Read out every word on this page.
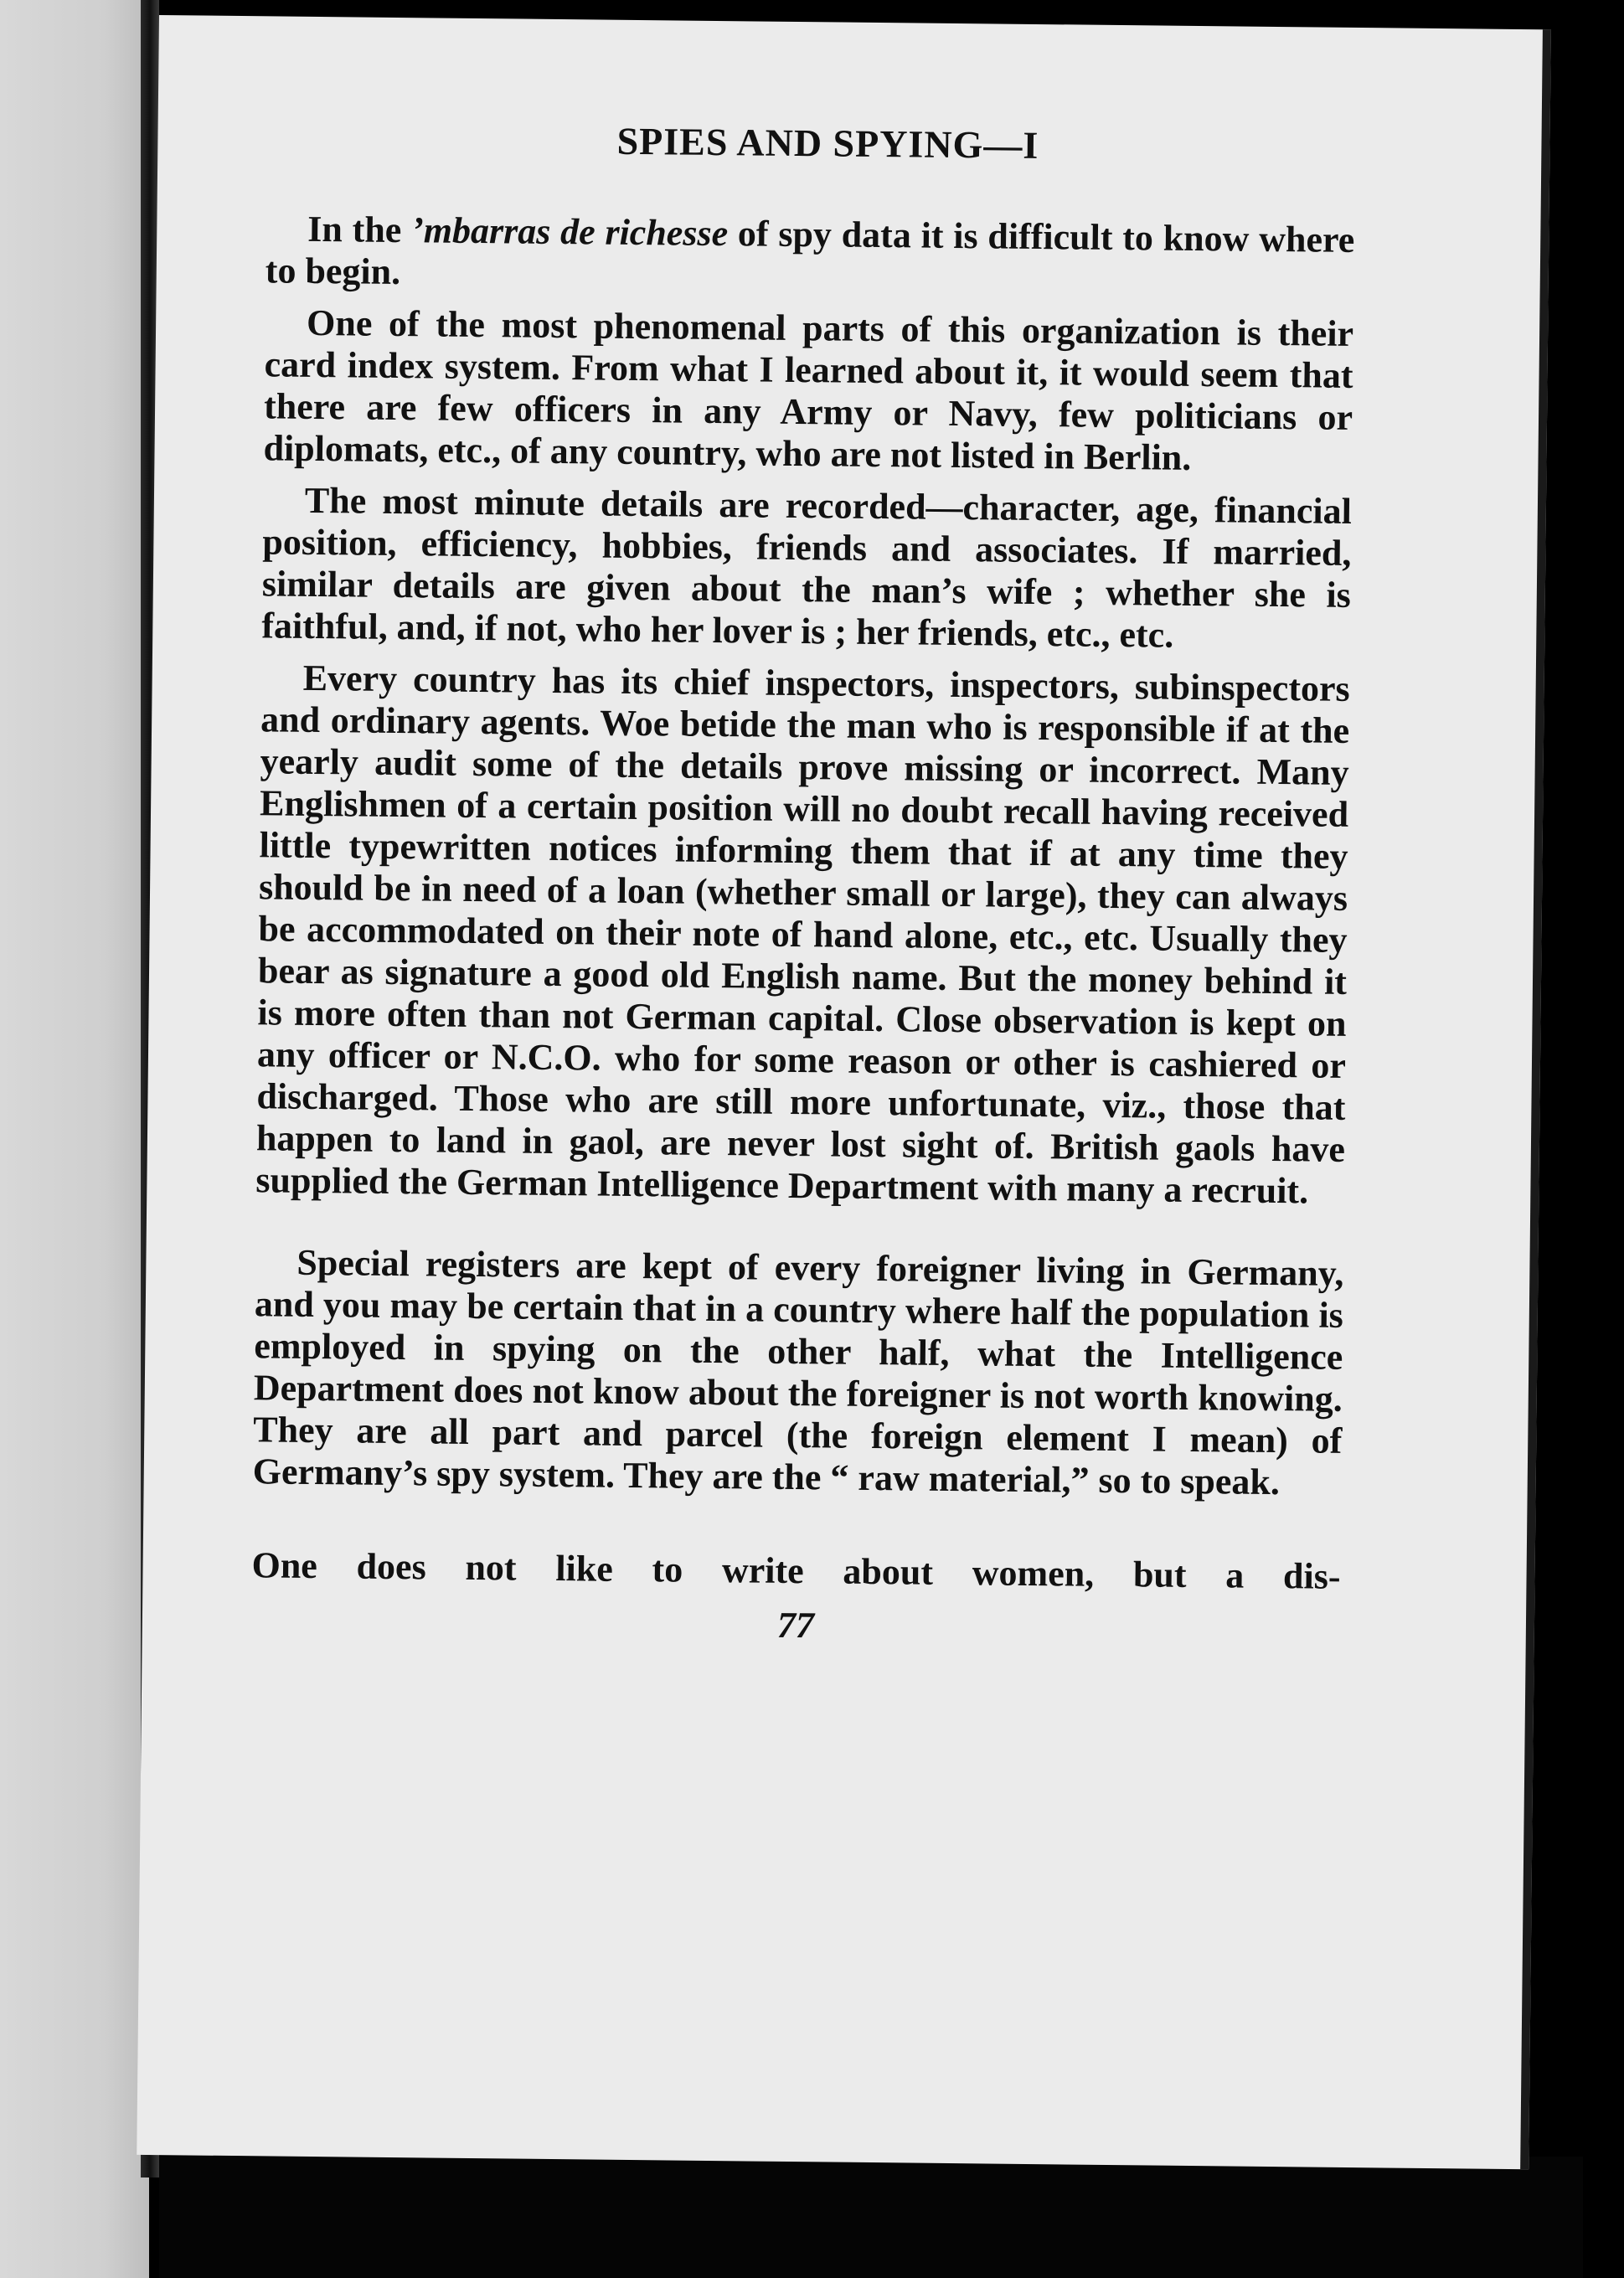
SPIES AND SPYING—I

In the ʼmbarras de richesse of spy data it is difficult to know where to begin.

One of the most phenomenal parts of this organization is their card index system. From what I learned about it, it would seem that there are few officers in any Army or Navy, few politicians or diplomats, etc., of any country, who are not listed in Berlin.

The most minute details are recorded—character, age, financial position, efficiency, hobbies, friends and associates. If married, similar details are given about the man’s wife ; whether she is faithful, and, if not, who her lover is ; her friends, etc., etc.

Every country has its chief inspectors, inspectors, subinspectors and ordinary agents. Woe betide the man who is responsible if at the yearly audit some of the details prove missing or incorrect. Many Englishmen of a certain position will no doubt recall having received little typewritten notices informing them that if at any time they should be in need of a loan (whether small or large), they can always be accommodated on their note of hand alone, etc., etc. Usually they bear as signature a good old English name. But the money behind it is more often than not German capital. Close observation is kept on any officer or N.C.O. who for some reason or other is cashiered or discharged. Those who are still more unfortunate, viz., those that happen to land in gaol, are never lost sight of. British gaols have supplied the German Intelligence Department with many a recruit.

Special registers are kept of every foreigner living in Germany, and you may be certain that in a country where half the population is employed in spying on the other half, what the Intelligence Department does not know about the foreigner is not worth knowing. They are all part and parcel (the foreign element I mean) of Germany’s spy system. They are the “ raw material,” so to speak.

One does not like to write about women, but a dis-

77
